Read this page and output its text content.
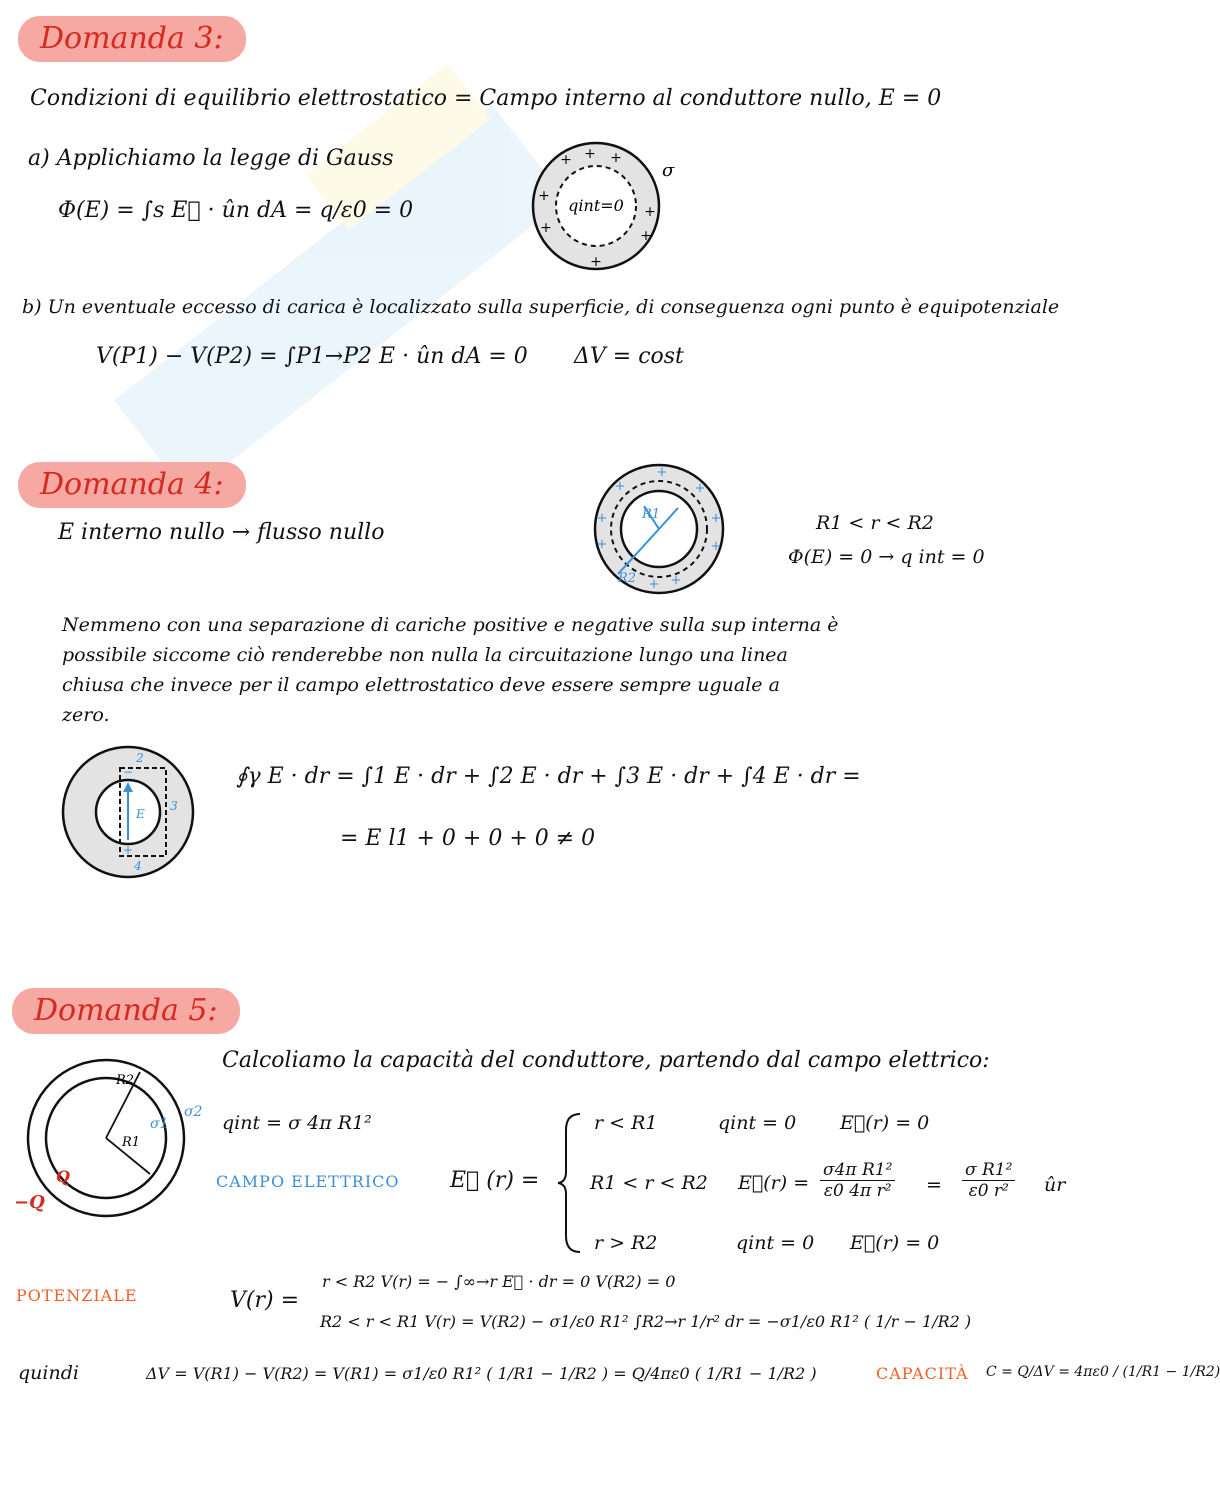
Domanda 3:
Condizioni di equilibrio elettrostatico = Campo interno al conduttore nullo, E = 0
a) Applichiamo la legge di Gauss
Φ(E) = ∫s E⃗ · ûn dA = q/ε0 = 0	qint=0
σ
+ + +
+
+
+	+
+
b) Un eventuale eccesso di carica è localizzato sulla superficie, di conseguenza ogni punto è equipotenziale
V(P1) − V(P2) = ∫P1→P2 E · ûn dA = 0 ΔV = cost
Domanda 4:
E interno nullo → flusso nullo
R1
R2
+
+	+
+	+
+	+
+ +
R1 < r < R2
Φ(E) = 0 → q int = 0
Nemmeno con una separazione di cariche positive e negative sulla sup interna è
possibile siccome ciò renderebbe non nulla la circuitazione lungo una linea
chiusa che invece per il campo elettrostatico deve essere sempre uguale a
zero.
E
2
3
4
−
+
∮γ E · dr = ∫1 E · dr + ∫2 E · dr + ∫3 E · dr + ∫4 E · dr =
= E l1 + 0 + 0 + 0 ≠ 0
Domanda 5:
Calcoliamo la capacità del conduttore, partendo dal campo elettrico:
R2
R1
σ1
σ2
Q
−Q
qint = σ 4π R1²
CAMPO ELETTRICO E⃗ (r) =
r < R1	qint = 0 E⃗(r) = 0
R1 < r < R2 E⃗(r) = $\frac{\text{σ4π R1²}}{\text{ε0 4π r²}} = \frac{\text{σ R1²}}{\text{ε0 r²}}$ ûr
r > R2	qint = 0 E⃗(r) = 0
POTENZIALE	V(r) =
r < R2 V(r) = − ∫∞→r E⃗ · dr = 0 V(R2) = 0
R2 < r < R1 V(r) = V(R2) − σ1/ε0 R1² ∫R2→r 1/r² dr = −σ1/ε0 R1² ( 1/r − 1/R2 )
quindi	ΔV = V(R1) − V(R2) = V(R1) = σ1/ε0 R1² ( 1/R1 − 1/R2 ) = Q/4πε0 ( 1/R1 − 1/R2 )	CAPACITÀ C = Q/ΔV = 4πε0 / (1/R1 − 1/R2)
